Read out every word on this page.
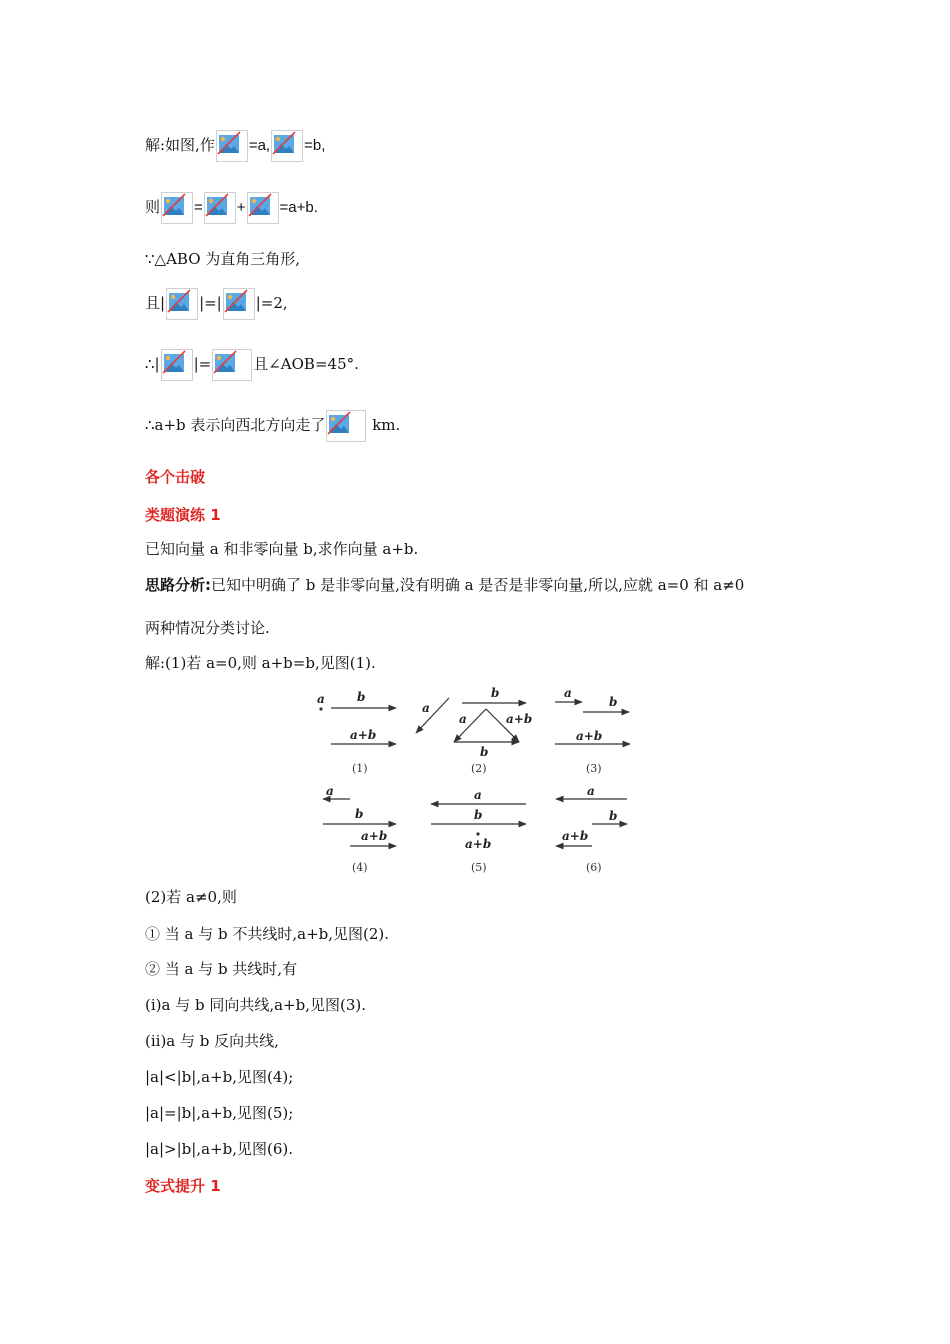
解:如图,作 =a, =b,
则 = + =a+b.
∵△ABO 为直角三角形,
且| |=| |=2,
∴| |=	且∠AOB=45°.
∴a+b 表示向西北方向走了	km.
各个击破
类题演练 1
已知向量 a 和非零向量 b,求作向量 a+b.
思路分析:已知中明确了 b 是非零向量,没有明确 a 是否是非零向量,所以,应就 a=0 和 a≠0
两种情况分类讨论.
解:(1)若 a=0,则 a+b=b,见图(1).
a	b
a+b
a
b
a	a+b
b
a
b
a+b
a
b
a+b
a
b
a+b
a
b
a+b
(1)	(2)	(3)
(4)	(5)	(6)
(2)若 a≠0,则
① 当 a 与 b 不共线时,a+b,见图(2).
② 当 a 与 b 共线时,有
(ⅰ)a 与 b 同向共线,a+b,见图(3).
(ⅱ)a 与 b 反向共线,
|a|<|b|,a+b,见图(4);
|a|=|b|,a+b,见图(5);
|a|>|b|,a+b,见图(6).
变式提升 1
